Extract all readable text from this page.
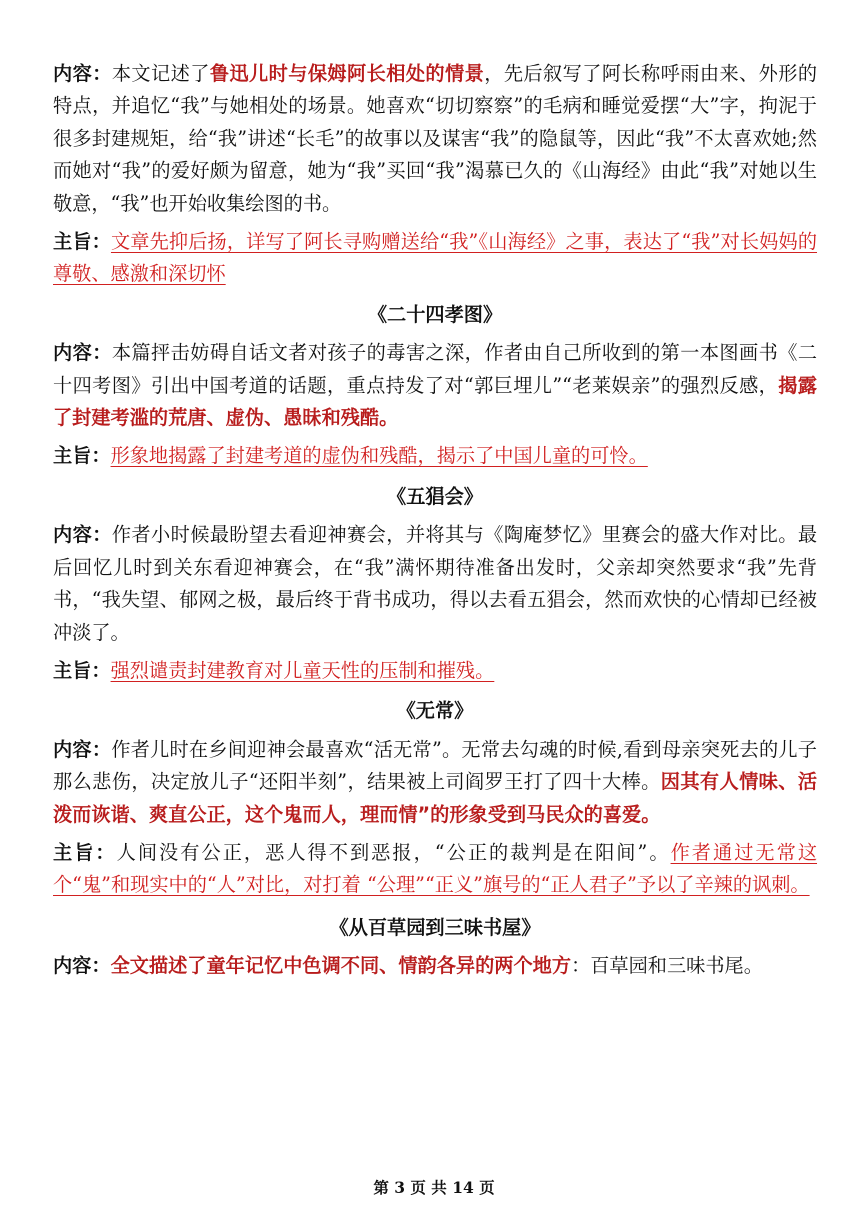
内容：本文记述了鲁迅儿时与保姆阿长相处的情景，先后叙写了阿长称呼雨由来、外形的特点，并追忆“我”与她相处的场景。她喜欢“切切察察”的毛病和睡觉爱摆“大”字，拘泥于很多封建规矩，给“我”讲述“长毛”的故事以及谋害“我”的隐鼠等，因此“我”不太喜欢她;然而她对“我”的爱好颇为留意，她为“我”买回“我”渴慕已久的《山海经》由此“我”对她以生敬意，“我”也开始收集绘图的书。

主旨：文章先抑后扬，详写了阿长寻购赠送给“我”《山海经》之事，表达了“我”对长妈妈的尊敬、感激和深切怀

《二十四孝图》

内容：本篇抨击妨碍自话文者对孩子的毒害之深，作者由自己所收到的第一本图画书《二十四考图》引出中国考道的话题，重点持发了对“郭巨埋儿”“老莱娱亲”的强烈反感，揭露了封建考滥的荒唐、虚伪、愚昧和残酷。

主旨：形象地揭露了封建考道的虚伪和残酷，揭示了中国儿童的可怜。

《五猖会》

内容：作者小时候最盼望去看迎神赛会，并将其与《陶庵梦忆》里赛会的盛大作对比。最后回忆儿时到关东看迎神赛会，在“我”满怀期待准备出发时，父亲却突然要求“我”先背书，“我失望、郁网之极，最后终于背书成功，得以去看五猖会，然而欢快的心情却已经被冲淡了。

主旨：强烈谴责封建教育对儿童天性的压制和摧残。

《无常》

内容：作者儿时在乡间迎神会最喜欢“活无常”。无常去勾魂的时候,看到母亲突死去的儿子那么悲伤，决定放儿子“还阳半刻”，结果被上司阎罗王打了四十大棒。因其有人情味、活泼而诙谐、爽直公正，这个鬼而人，理而情”的形象受到马民众的喜爱。

主旨：人间没有公正，恶人得不到恶报，“公正的裁判是在阳间”。作者通过无常这个“鬼”和现实中的“人”对比，对打着 “公理”“正义”旗号的“正人君子”予以了辛辣的讽刺。

《从百草园到三味书屋》

内容：全文描述了童年记忆中色调不同、情韵各异的两个地方：百草园和三味书尾。

第 3 页 共 14 页
